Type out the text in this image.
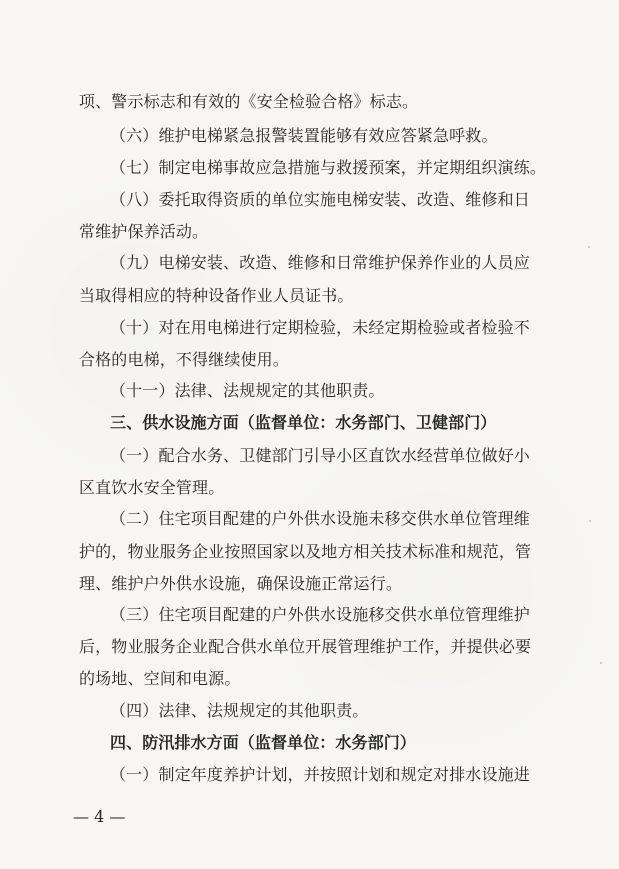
项、警示标志和有效的《安全检验合格》标志。
（六）维护电梯紧急报警装置能够有效应答紧急呼救。
（七）制定电梯事故应急措施与救援预案，并定期组织演练。
（八）委托取得资质的单位实施电梯安装、改造、维修和日
常维护保养活动。
（九）电梯安装、改造、维修和日常维护保养作业的人员应
当取得相应的特种设备作业人员证书。
（十）对在用电梯进行定期检验，未经定期检验或者检验不
合格的电梯，不得继续使用。
（十一）法律、法规规定的其他职责。
三、供水设施方面（监督单位：水务部门、卫健部门）
（一）配合水务、卫健部门引导小区直饮水经营单位做好小
区直饮水安全管理。
（二）住宅项目配建的户外供水设施未移交供水单位管理维
护的，物业服务企业按照国家以及地方相关技术标准和规范，管
理、维护户外供水设施，确保设施正常运行。
（三）住宅项目配建的户外供水设施移交供水单位管理维护
后，物业服务企业配合供水单位开展管理维护工作，并提供必要
的场地、空间和电源。
（四）法律、法规规定的其他职责。
四、防汛排水方面（监督单位：水务部门）
（一）制定年度养护计划，并按照计划和规定对排水设施进
— 4 —
